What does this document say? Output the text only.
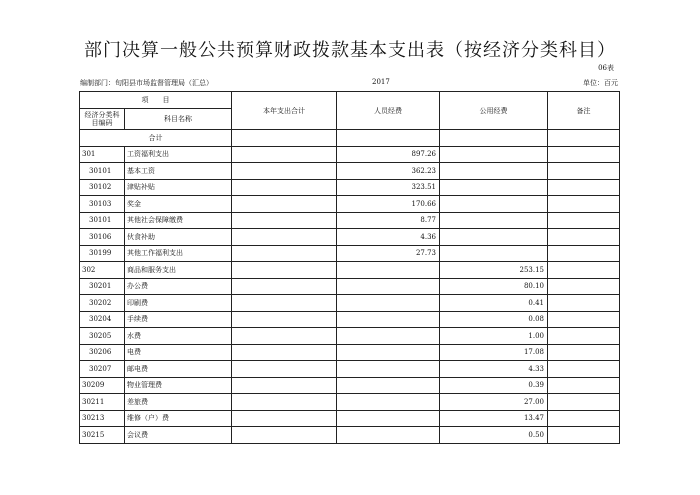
部门决算一般公共预算财政拨款基本支出表（按经济分类科目）
06表
编制部门：旬阳县市场监督管理局（汇总）	2017	单位：百元
项　　目		本年支出合计	人员经费	公用经费	备注
经济分类科目编码	科目名称				
合计					
301	工资福利支出		897.26		
30101	基本工资		362.23		
30102	津贴补贴		323.51		
30103	奖金		170.66		
30101	其他社会保障缴费		8.77		
30106	伙食补助		4.36		
30199	其他工作福利支出		27.73		
302	商品和服务支出			253.15	
30201	办公费			80.10	
30202	印刷费			0.41	
30204	手续费			0.08	
30205	水费			1.00	
30206	电费			17.08	
30207	邮电费			4.33	
30209	物业管理费			0.39	
30211	差旅费			27.00	
30213	维修（户）费			13.47	
30215	会议费			0.50	
